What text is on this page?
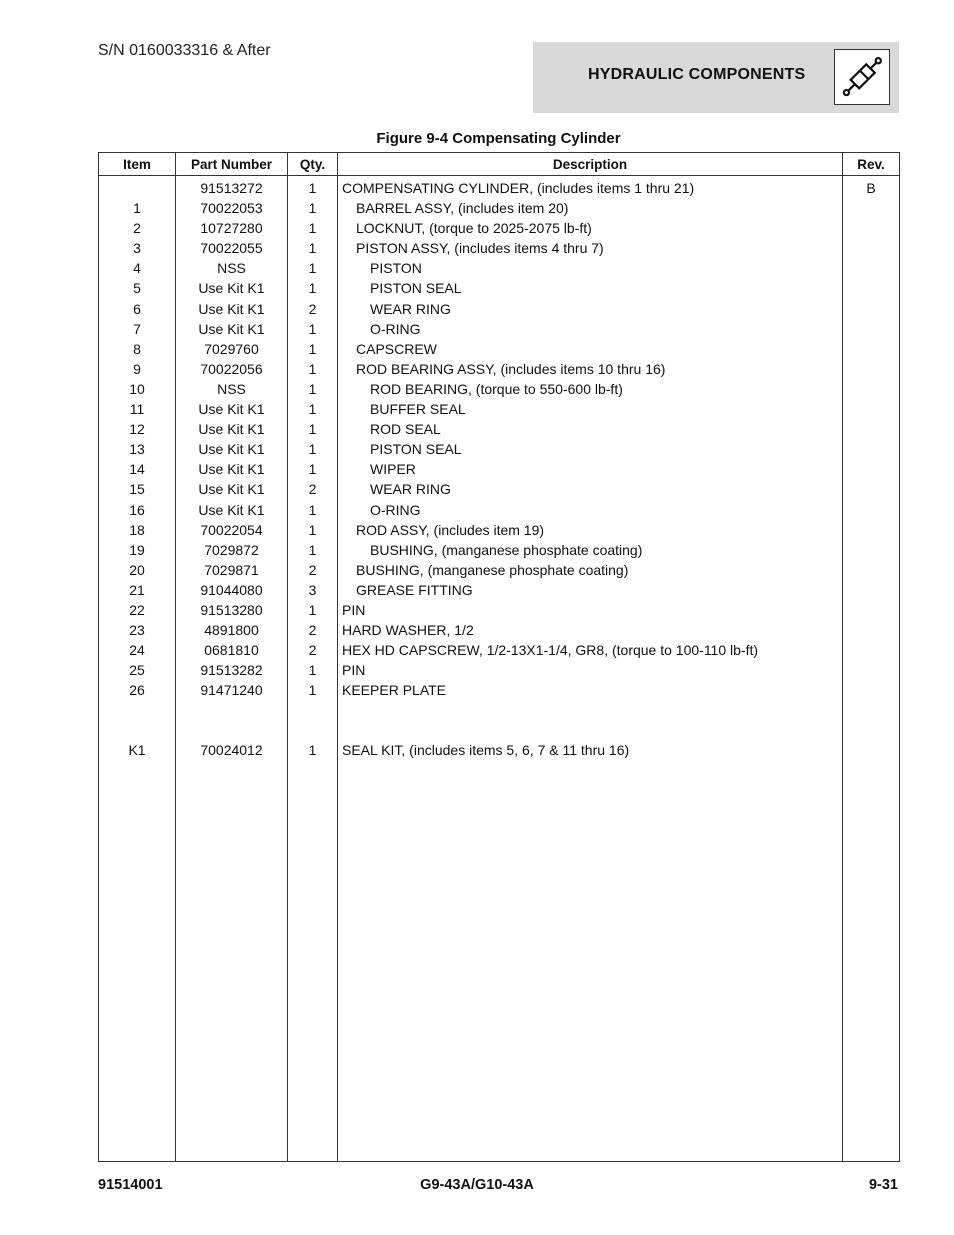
S/N 0160033316 & After
HYDRAULIC COMPONENTS
Figure 9-4 Compensating Cylinder
Item	Part Number	Qty.	Description	Rev.
	91513272	1	COMPENSATING CYLINDER, (includes items 1 thru 21)	B
1	70022053	1	BARREL ASSY, (includes item 20)	
2	10727280	1	LOCKNUT, (torque to 2025-2075 lb-ft)	
3	70022055	1	PISTON ASSY, (includes items 4 thru 7)	
4	NSS	1	PISTON	
5	Use Kit K1	1	PISTON SEAL	
6	Use Kit K1	2	WEAR RING	
7	Use Kit K1	1	O-RING	
8	7029760	1	CAPSCREW	
9	70022056	1	ROD BEARING ASSY, (includes items 10 thru 16)	
10	NSS	1	ROD BEARING, (torque to 550-600 lb-ft)	
11	Use Kit K1	1	BUFFER SEAL	
12	Use Kit K1	1	ROD SEAL	
13	Use Kit K1	1	PISTON SEAL	
14	Use Kit K1	1	WIPER	
15	Use Kit K1	2	WEAR RING	
16	Use Kit K1	1	O-RING	
18	70022054	1	ROD ASSY, (includes item 19)	
19	7029872	1	BUSHING, (manganese phosphate coating)	
20	7029871	2	BUSHING, (manganese phosphate coating)	
21	91044080	3	GREASE FITTING	
22	91513280	1	PIN	
23	4891800	2	HARD WASHER, 1/2	
24	0681810	2	HEX HD CAPSCREW, 1/2-13X1-1/4, GR8, (torque to 100-110 lb-ft)	
25	91513282	1	PIN	
26	91471240	1	KEEPER PLATE	

K1	70024012	1	SEAL KIT, (includes items 5, 6, 7 & 11 thru 16)	

91514001	G9-43A/G10-43A	9-31
